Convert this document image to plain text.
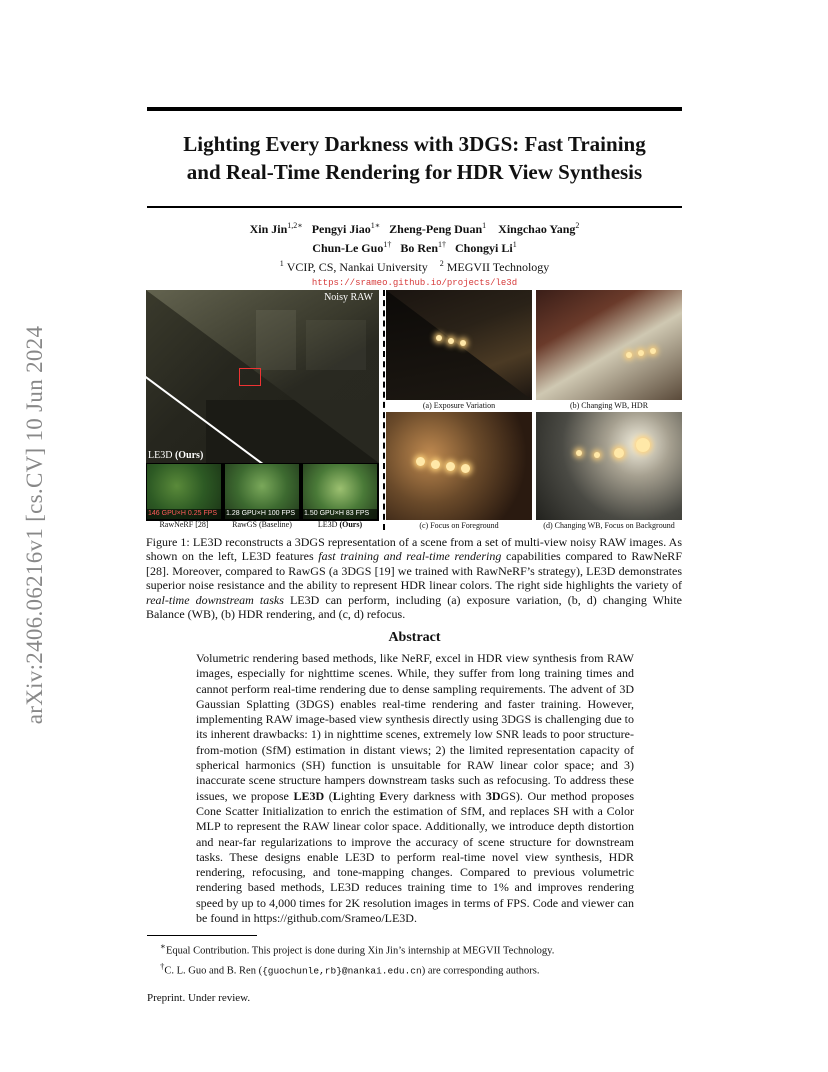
arXiv:2406.06216v1 [cs.CV] 10 Jun 2024
Lighting Every Darkness with 3DGS: Fast Training
and Real-Time Rendering for HDR View Synthesis
Xin Jin$^{1,2∗}$ Pengyi Jiao$^{1∗}$ Zheng-Peng Duan$^1$ Xingchao Yang$^2$
Chun-Le Guo$^{1\dagger}$ Bo Ren$^{1\dagger}$ Chongyi Li$^1$
$^1$ VCIP, CS, Nankai University $^2$ MEGVII Technology
https://srameo.github.io/projects/le3d
Noisy RAW
LE3D (Ours)
146 GPU×H 0.25 FPS	1.28 GPU×H 100 FPS	1.50 GPU×H 83 FPS
RawNeRF [28]	RawGS (Baseline)	LE3D (Ours)
(a) Exposure Variation	(b) Changing WB, HDR
(c) Focus on Foreground	(d) Changing WB, Focus on Background
Figure 1: LE3D reconstructs a 3DGS representation of a scene from a set of multi-view noisy RAW images. As shown on the left, LE3D features fast training and real-time rendering capabilities compared to RawNeRF [28]. Moreover, compared to RawGS (a 3DGS [19] we trained with RawNeRF’s strategy), LE3D demonstrates superior noise resistance and the ability to represent HDR linear colors. The right side highlights the variety of real-time downstream tasks LE3D can perform, including (a) exposure variation, (b, d) changing White Balance (WB), (b) HDR rendering, and (c, d) refocus.
Abstract
Volumetric rendering based methods, like NeRF, excel in HDR view synthesis from RAW images, especially for nighttime scenes. While, they suffer from long training times and cannot perform real-time rendering due to dense sampling requirements. The advent of 3D Gaussian Splatting (3DGS) enables real-time rendering and faster training. However, implementing RAW image-based view synthesis directly using 3DGS is challenging due to its inherent drawbacks: 1) in nighttime scenes, extremely low SNR leads to poor structure-from-motion (SfM) estimation in distant views; 2) the limited representation capacity of spherical harmonics (SH) function is unsuitable for RAW linear color space; and 3) inaccurate scene structure hampers downstream tasks such as refocusing. To address these issues, we propose LE3D (Lighting Every darkness with 3DGS). Our method proposes Cone Scatter Initialization to enrich the estimation of SfM, and replaces SH with a Color MLP to represent the RAW linear color space. Additionally, we introduce depth distortion and near-far regularizations to improve the accuracy of scene structure for downstream tasks. These designs enable LE3D to perform real-time novel view synthesis, HDR rendering, refocusing, and tone-mapping changes. Compared to previous volumetric rendering based methods, LE3D reduces training time to 1% and improves rendering speed by up to 4,000 times for 2K resolution images in terms of FPS. Code and viewer can be found in https://github.com/Srameo/LE3D.
∗Equal Contribution. This project is done during Xin Jin’s internship at MEGVII Technology.
†C. L. Guo and B. Ren ({guochunle,rb}@nankai.edu.cn) are corresponding authors.
Preprint. Under review.
